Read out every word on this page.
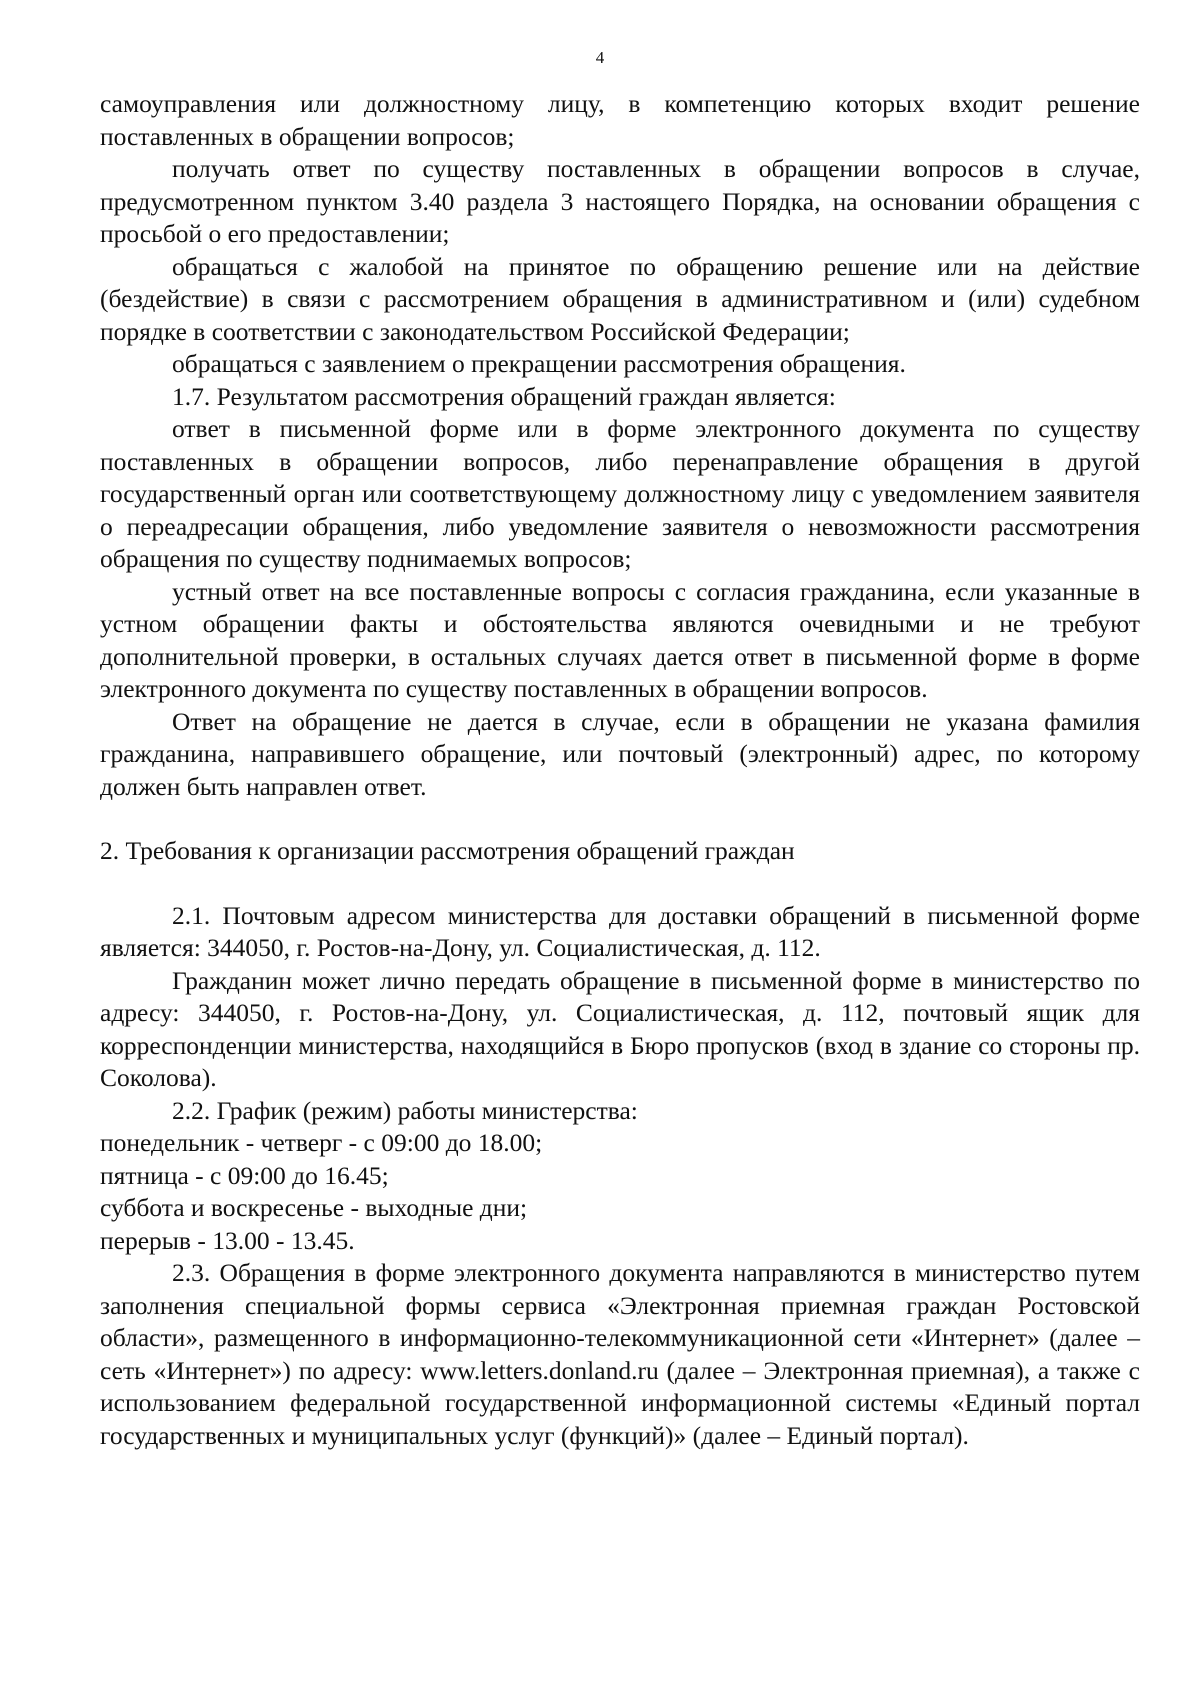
4
самоуправления или должностному лицу, в компетенцию которых входит решение поставленных в обращении вопросов;
получать ответ по существу поставленных в обращении вопросов в случае, предусмотренном пунктом 3.40 раздела 3 настоящего Порядка, на основании обращения с просьбой о его предоставлении;
обращаться с жалобой на принятое по обращению решение или на действие (бездействие) в связи с рассмотрением обращения в административном и (или) судебном порядке в соответствии с законодательством Российской Федерации;
обращаться с заявлением о прекращении рассмотрения обращения.
1.7. Результатом рассмотрения обращений граждан является:
ответ в письменной форме или в форме электронного документа по существу поставленных в обращении вопросов, либо перенаправление обращения в другой государственный орган или соответствующему должностному лицу с уведомлением заявителя о переадресации обращения, либо уведомление заявителя о невозможности рассмотрения обращения по существу поднимаемых вопросов;
устный ответ на все поставленные вопросы с согласия гражданина, если указанные в устном обращении факты и обстоятельства являются очевидными и не требуют дополнительной проверки, в остальных случаях дается ответ в письменной форме в форме электронного документа по существу поставленных в обращении вопросов.
Ответ на обращение не дается в случае, если в обращении не указана фамилия гражданина, направившего обращение, или почтовый (электронный) адрес, по которому должен быть направлен ответ.
2. Требования к организации рассмотрения обращений граждан
2.1. Почтовым адресом министерства для доставки обращений в письменной форме является: 344050, г. Ростов-на-Дону, ул. Социалистическая, д. 112.
Гражданин может лично передать обращение в письменной форме в министерство по адресу: 344050, г. Ростов-на-Дону, ул. Социалистическая, д. 112, почтовый ящик для корреспонденции министерства, находящийся в Бюро пропусков (вход в здание со стороны пр. Соколова).
2.2. График (режим) работы министерства:
понедельник - четверг - с 09:00 до 18.00;
пятница - с 09:00 до 16.45;
суббота и воскресенье - выходные дни;
перерыв - 13.00 - 13.45.
2.3. Обращения в форме электронного документа направляются в министерство путем заполнения специальной формы сервиса «Электронная приемная граждан Ростовской области», размещенного в информационно-телекоммуникационной сети «Интернет» (далее – сеть «Интернет») по адресу: www.letters.donland.ru (далее – Электронная приемная), а также с использованием федеральной государственной информационной системы «Единый портал государственных и муниципальных услуг (функций)» (далее – Единый портал).
